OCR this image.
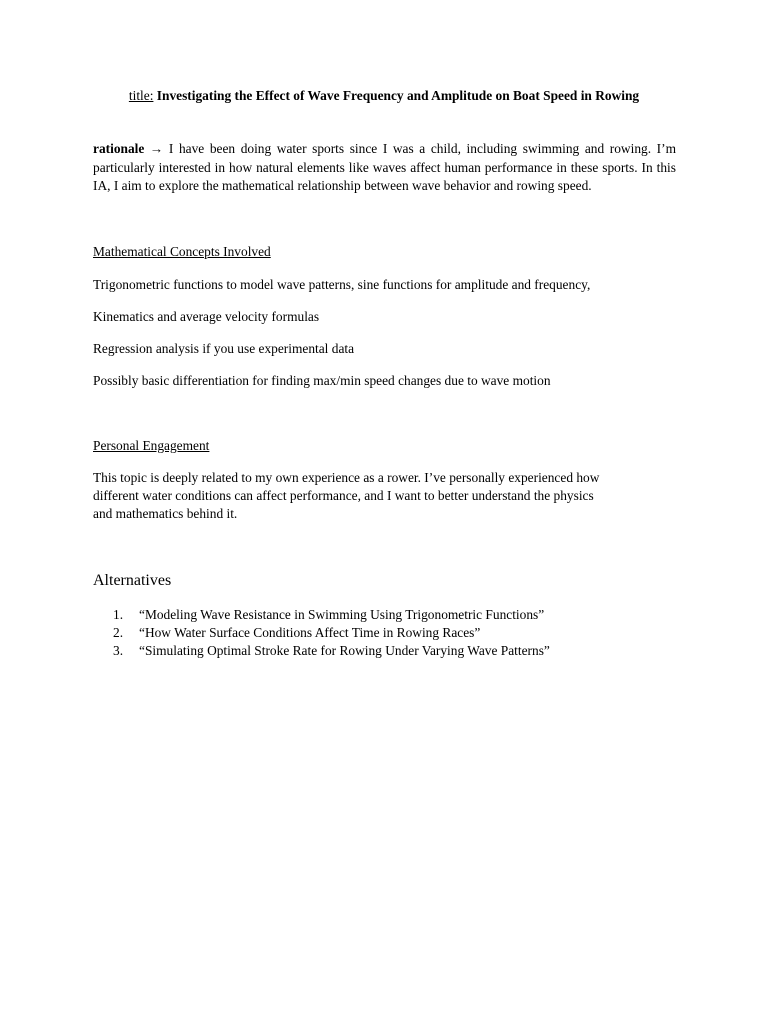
title: Investigating the Effect of Wave Frequency and Amplitude on Boat Speed in Rowing
rationale → I have been doing water sports since I was a child, including swimming and rowing. I’m particularly interested in how natural elements like waves affect human performance in these sports. In this IA, I aim to explore the mathematical relationship between wave behavior and rowing speed.
Mathematical Concepts Involved
Trigonometric functions to model wave patterns, sine functions for amplitude and frequency,
Kinematics and average velocity formulas
Regression analysis if you use experimental data
Possibly basic differentiation for finding max/min speed changes due to wave motion
Personal Engagement
This topic is deeply related to my own experience as a rower. I’ve personally experienced how
different water conditions can affect performance, and I want to better understand the physics
and mathematics behind it.
Alternatives
1.	“Modeling Wave Resistance in Swimming Using Trigonometric Functions”
2.	“How Water Surface Conditions Affect Time in Rowing Races”
3.	“Simulating Optimal Stroke Rate for Rowing Under Varying Wave Patterns”
